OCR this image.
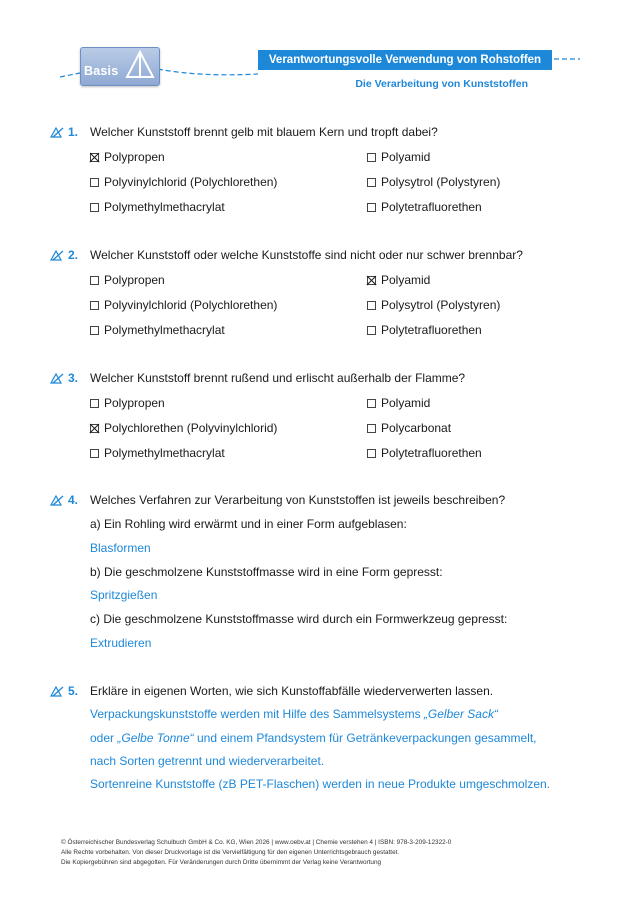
Basis
Verantwortungsvolle Verwendung von Rohstoffen
Die Verarbeitung von Kunststoffen
1. Welcher Kunststoff brennt gelb mit blauem Kern und tropft dabei?
Polypropen	Polyamid
Polyvinylchlorid (Polychlorethen)	Polysytrol (Polystyren)
Polymethylmethacrylat	Polytetrafluorethen
2. Welcher Kunststoff oder welche Kunststoffe sind nicht oder nur schwer brennbar?
Polypropen	Polyamid
Polyvinylchlorid (Polychlorethen)	Polysytrol (Polystyren)
Polymethylmethacrylat	Polytetrafluorethen
3. Welcher Kunststoff brennt rußend und erlischt außerhalb der Flamme?
Polypropen	Polyamid
Polychlorethen (Polyvinylchlorid)	Polycarbonat
Polymethylmethacrylat	Polytetrafluorethen
4. Welches Verfahren zur Verarbeitung von Kunststoffen ist jeweils beschreiben?
a) Ein Rohling wird erwärmt und in einer Form aufgeblasen:
Blasformen
b) Die geschmolzene Kunststoffmasse wird in eine Form gepresst:
Spritzgießen
c) Die geschmolzene Kunststoffmasse wird durch ein Formwerkzeug gepresst:
Extrudieren
5. Erkläre in eigenen Worten, wie sich Kunstoffabfälle wiederverwerten lassen.
Verpackungskunststoffe werden mit Hilfe des Sammelsystems „Gelber Sack“
oder „Gelbe Tonne“ und einem Pfandsystem für Getränkeverpackungen gesammelt,
nach Sorten getrennt und wiederverarbeitet.
Sortenreine Kunststoffe (zB PET-Flaschen) werden in neue Produkte umgeschmolzen.
© Österreichischer Bundesverlag Schulbuch GmbH & Co. KG, Wien 2026 | www.oebv.at | Chemie verstehen 4 | ISBN: 978-3-209-12322-0
Alle Rechte vorbehalten. Von dieser Druckvorlage ist die Vervielfältigung für den eigenen Unterrichtsgebrauch gestattet.
Die Kopiergebühren sind abgegolten. Für Veränderungen durch Dritte übernimmt der Verlag keine Verantwortung
